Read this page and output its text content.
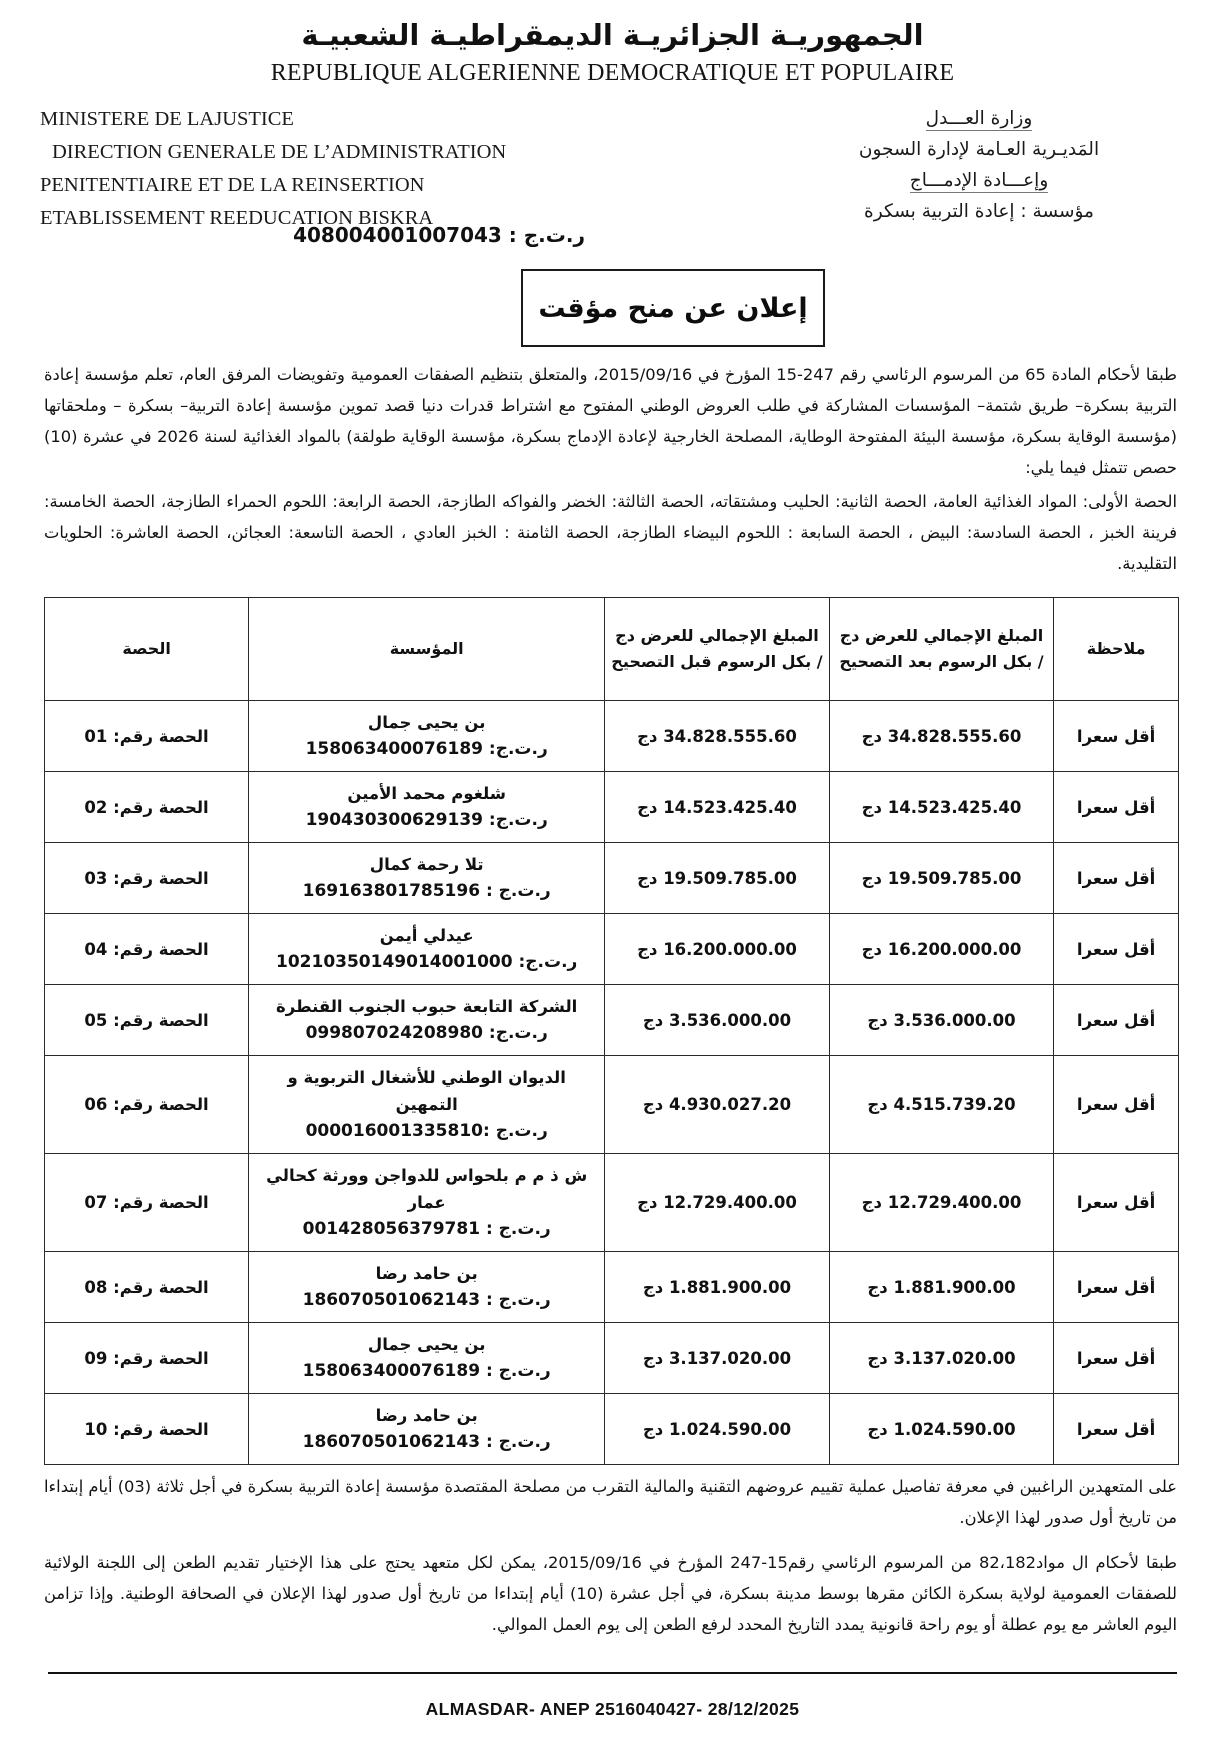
الجمهوريـة الجزائريـة الديمقراطيـة الشعبيـة
REPUBLIQUE ALGERIENNE DEMOCRATIQUE ET POPULAIRE
MINISTERE DE LAJUSTICE
DIRECTION GENERALE DE L’ADMINISTRATION
PENITENTIAIRE ET DE LA REINSERTION
ETABLISSEMENT REEDUCATION BISKRA
وزارة العـــدل
المَديـرية العـامة لإدارة السجون
وإعـــادة الإدمـــاج
مؤسسة : إعادة التربية بسكرة
ر.ت.ج : 408004001007043
إعلان عن منح مؤقت

طبقا لأحكام المادة 65 من المرسوم الرئاسي رقم 247-15 المؤرخ في 2015/09/16، والمتعلق بتنظيم الصفقات العمومية وتفويضات المرفق العام، تعلم مؤسسة إعادة التربية بسكرة– طريق شتمة– المؤسسات المشاركة في طلب العروض الوطني المفتوح مع اشتراط قدرات دنيا قصد تموين مؤسسة إعادة التربية– بسكرة – وملحقاتها (مؤسسة الوقاية بسكرة، مؤسسة البيئة المفتوحة الوطاية، المصلحة الخارجية لإعادة الإدماج بسكرة، مؤسسة الوقاية طولقة) بالمواد الغذائية لسنة 2026 في عشرة (10) حصص تتمثل فيما يلي:

الحصة الأولى: المواد الغذائية العامة، الحصة الثانية: الحليب ومشتقاته، الحصة الثالثة: الخضر والفواكه الطازجة، الحصة الرابعة: اللحوم الحمراء الطازجة، الحصة الخامسة: فرينة الخبز ، الحصة السادسة: البيض ، الحصة السابعة : اللحوم البيضاء الطازجة، الحصة الثامنة : الخبز العادي ، الحصة التاسعة: العجائن، الحصة العاشرة: الحلويات التقليدية.

ملاحظة	المبلغ الإجمالي للعرض دج
/ بكل الرسوم بعد التصحيح	المبلغ الإجمالي للعرض دج
/ بكل الرسوم قبل التصحيح	المؤسسة	الحصة
أقل سعرا	34.828.555.60 دج	34.828.555.60 دج	بن يحيى جمال
ر.ت.ج: 158063400076189	الحصة رقم: 01
أقل سعرا	14.523.425.40 دج	14.523.425.40 دج	شلغوم محمد الأمين
ر.ت.ج: 190430300629139	الحصة رقم: 02
أقل سعرا	19.509.785.00 دج	19.509.785.00 دج	تلا رحمة كمال
ر.ت.ج : 169163801785196	الحصة رقم: 03
أقل سعرا	16.200.000.00 دج	16.200.000.00 دج	عيدلي أيمن
ر.ت.ج: 10210350149014001000	الحصة رقم: 04
أقل سعرا	3.536.000.00 دج	3.536.000.00 دج	الشركة التابعة حبوب الجنوب القنطرة
ر.ت.ج: 099807024208980	الحصة رقم: 05
أقل سعرا	4.515.739.20 دج	4.930.027.20 دج	الديوان الوطني للأشغال التربوية و التمهين
ر.ت.ج :000016001335810	الحصة رقم: 06
أقل سعرا	12.729.400.00 دج	12.729.400.00 دج	ش ذ م م بلحواس للدواجن وورثة كحالي عمار
ر.ت.ج : 001428056379781	الحصة رقم: 07
أقل سعرا	1.881.900.00 دج	1.881.900.00 دج	بن حامد رضا
ر.ت.ج : 186070501062143	الحصة رقم: 08
أقل سعرا	3.137.020.00 دج	3.137.020.00 دج	بن يحيى جمال
ر.ت.ج : 158063400076189	الحصة رقم: 09
أقل سعرا	1.024.590.00 دج	1.024.590.00 دج	بن حامد رضا
ر.ت.ج : 186070501062143	الحصة رقم: 10

على المتعهدين الراغبين في معرفة تفاصيل عملية تقييم عروضهم التقنية والمالية التقرب من مصلحة المقتصدة مؤسسة إعادة التربية بسكرة في أجل ثلاثة (03) أيام إبتداءا من تاريخ أول صدور لهذا الإعلان.

طبقا لأحكام ال مواد82،182 من المرسوم الرئاسي رقم15-247 المؤرخ في 2015/09/16، يمكن لكل متعهد يحتج على هذا الإختيار تقديم الطعن إلى اللجنة الولائية للصفقات العمومية لولاية بسكرة الكائن مقرها بوسط مدينة بسكرة، في أجل عشرة (10) أيام إبتداءا من تاريخ أول صدور لهذا الإعلان في الصحافة الوطنية. وإذا تزامن اليوم العاشر مع يوم عطلة أو يوم راحة قانونية يمدد التاريخ المحدد لرفع الطعن إلى يوم العمل الموالي.

ALMASDAR- ANEP 2516040427- 28/12/2025
